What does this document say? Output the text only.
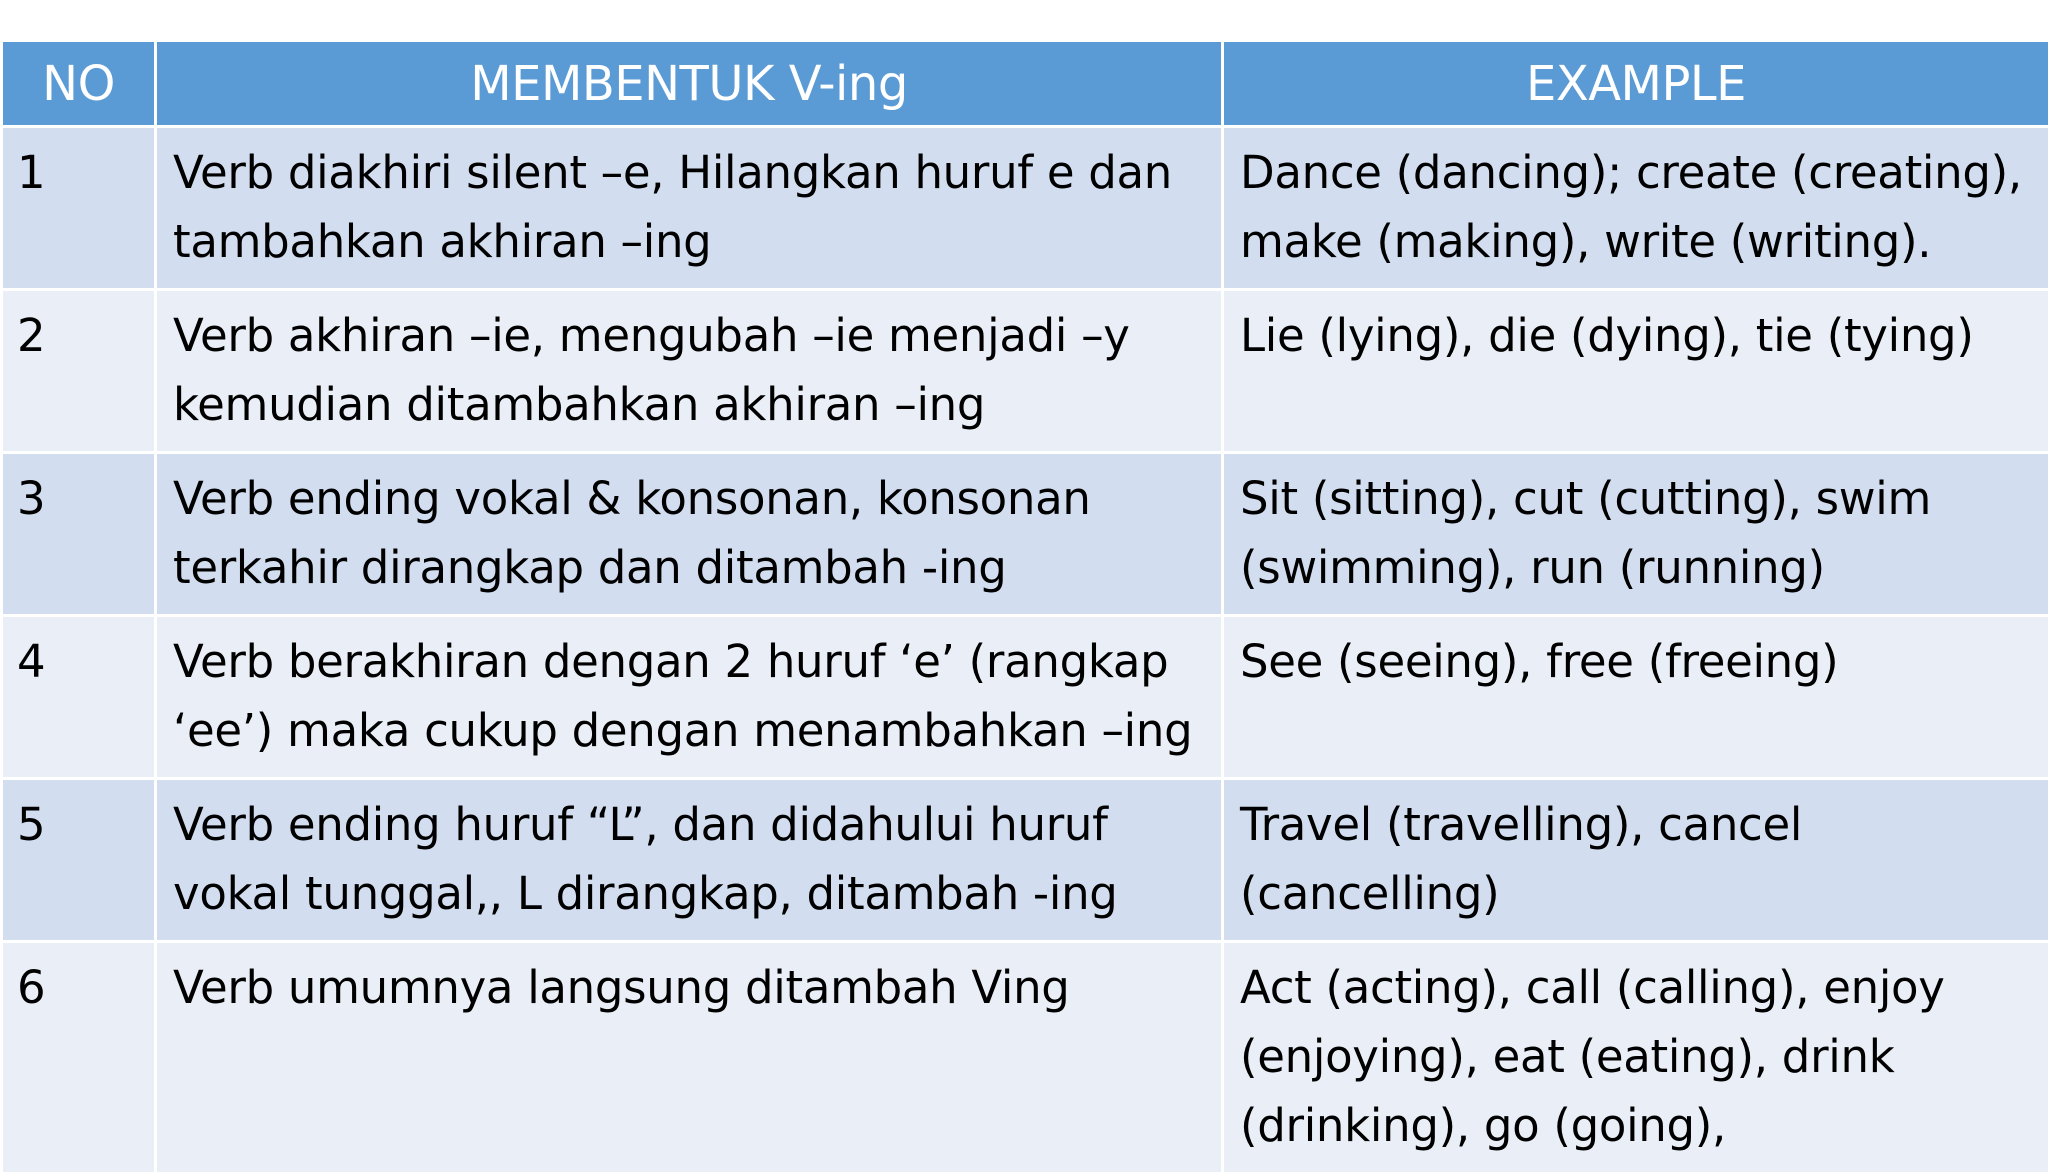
NO	MEMBENTUK V-ing	EXAMPLE
1	Verb diakhiri silent –e, Hilangkan huruf e dan tambahkan akhiran –ing	Dance (dancing); create (creating), make (making), write (writing).
2	Verb akhiran –ie, mengubah –ie menjadi –y kemudian ditambahkan akhiran –ing	Lie (lying), die (dying), tie (tying)
3	Verb ending vokal & konsonan, konsonan terkahir dirangkap dan ditambah -ing	Sit (sitting), cut (cutting), swim (swimming), run (running)
4	Verb berakhiran dengan 2 huruf ‘e’ (rangkap ‘ee’) maka cukup dengan menambahkan –ing	See (seeing), free (freeing)
5	Verb ending huruf “L”, dan didahului huruf vokal tunggal,, L dirangkap, ditambah -ing	Travel (travelling), cancel (cancelling)
6	Verb umumnya langsung ditambah Ving	Act (acting), call (calling), enjoy (enjoying), eat (eating), drink (drinking), go (going),
